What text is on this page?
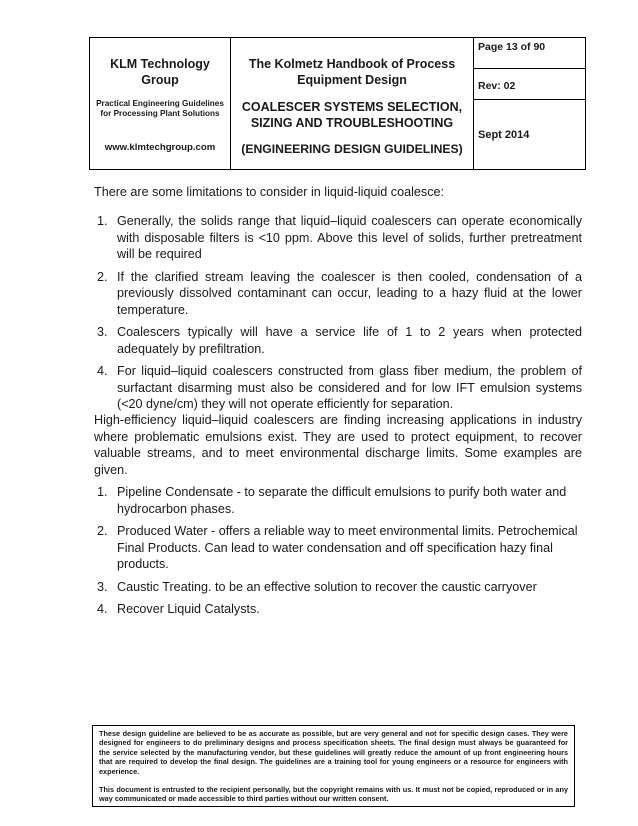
KLM Technology Group
Practical Engineering Guidelines for Processing Plant Solutions
www.klmtechgroup.com
The Kolmetz Handbook of Process Equipment Design
COALESCER SYSTEMS SELECTION, SIZING AND TROUBLESHOOTING
(ENGINEERING DESIGN GUIDELINES)
Page 13 of 90
Rev: 02
Sept 2014
There are some limitations to consider in liquid-liquid coalesce:
1. Generally, the solids range that liquid–liquid coalescers can operate economically with disposable filters is <10 ppm. Above this level of solids, further pretreatment will be required
2. If the clarified stream leaving the coalescer is then cooled, condensation of a previously dissolved contaminant can occur, leading to a hazy fluid at the lower temperature.
3. Coalescers typically will have a service life of 1 to 2 years when protected adequately by prefiltration.
4. For liquid–liquid coalescers constructed from glass fiber medium, the problem of surfactant disarming must also be considered and for low IFT emulsion systems (<20 dyne/cm) they will not operate efficiently for separation.
High-efficiency liquid–liquid coalescers are finding increasing applications in industry where problematic emulsions exist. They are used to protect equipment, to recover valuable streams, and to meet environmental discharge limits. Some examples are given.
1. Pipeline Condensate - to separate the difficult emulsions to purify both water and hydrocarbon phases.
2. Produced Water - offers a reliable way to meet environmental limits. Petrochemical Final Products. Can lead to water condensation and off specification hazy final products.
3. Caustic Treating. to be an effective solution to recover the caustic carryover
4. Recover Liquid Catalysts.

These design guideline are believed to be as accurate as possible, but are very general and not for specific design cases. They were designed for engineers to do preliminary designs and process specification sheets. The final design must always be guaranteed for the service selected by the manufacturing vendor, but these guidelines will greatly reduce the amount of up front engineering hours that are required to develop the final design. The guidelines are a training tool for young engineers or a resource for engineers with experience.

This document is entrusted to the recipient personally, but the copyright remains with us. It must not be copied, reproduced or in any way communicated or made accessible to third parties without our written consent.
